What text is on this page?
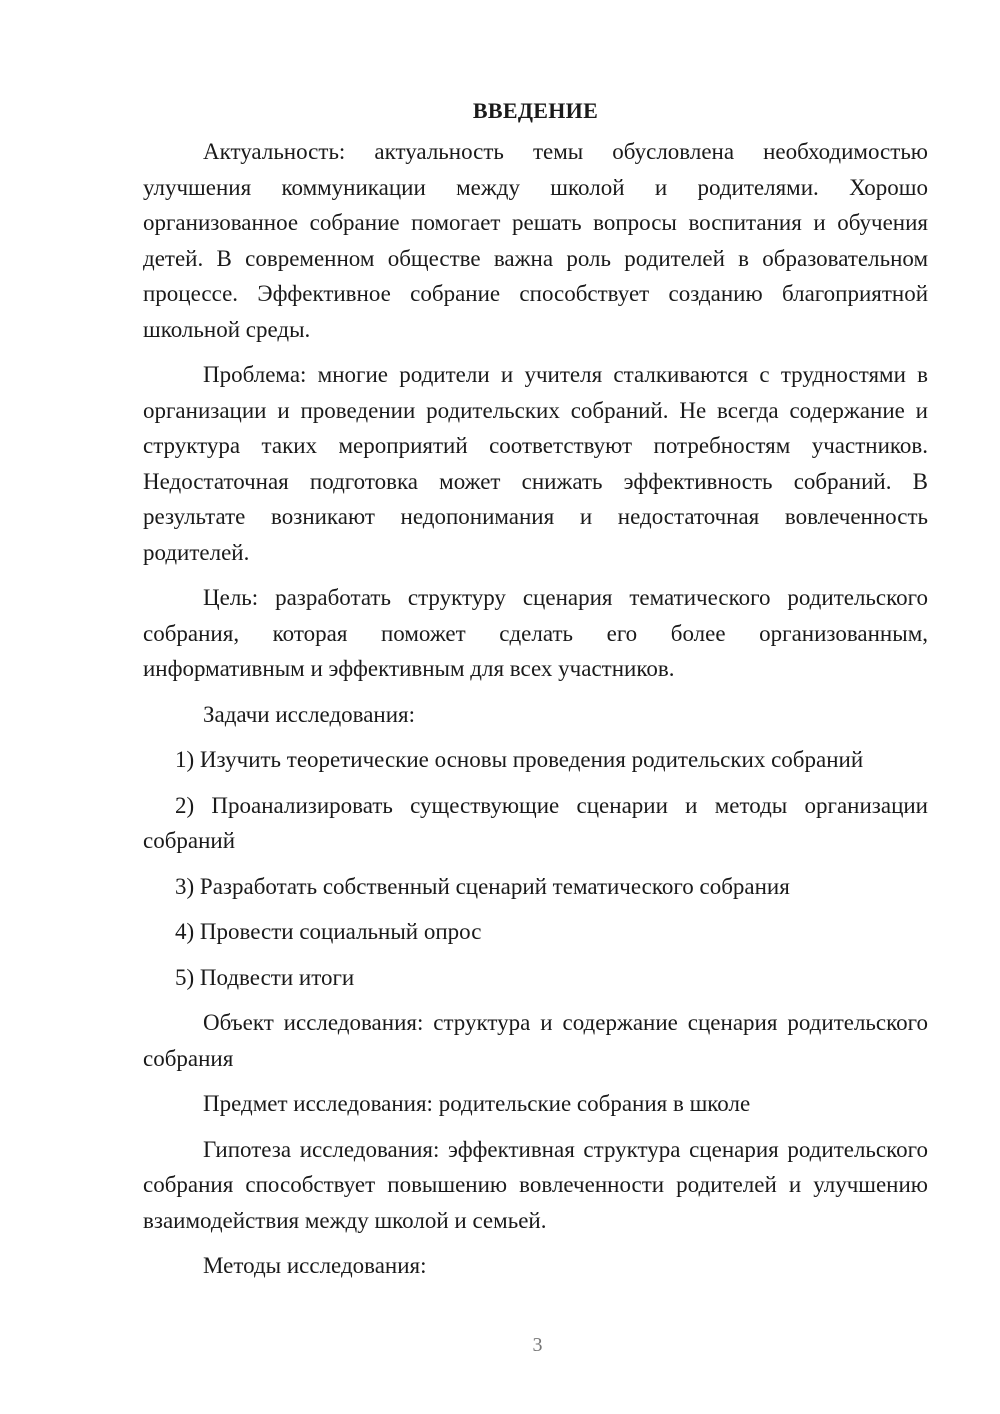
ВВЕДЕНИЕ

Актуальность: актуальность темы обусловлена необходимостью улучшения коммуникации между школой и родителями. Хорошо организованное собрание помогает решать вопросы воспитания и обучения детей. В современном обществе важна роль родителей в образовательном процессе. Эффективное собрание способствует созданию благоприятной школьной среды.

Проблема: многие родители и учителя сталкиваются с трудностями в организации и проведении родительских собраний. Не всегда содержание и структура таких мероприятий соответствуют потребностям участников. Недостаточная подготовка может снижать эффективность собраний. В результате возникают недопонимания и недостаточная вовлеченность родителей.

Цель: разработать структуру сценария тематического родительского собрания, которая поможет сделать его более организованным, информативным и эффективным для всех участников.

Задачи исследования:

1) Изучить теоретические основы проведения родительских собраний

2) Проанализировать существующие сценарии и методы организации собраний

3) Разработать собственный сценарий тематического собрания

4) Провести социальный опрос

5) Подвести итоги

Объект исследования: структура и содержание сценария родительского собрания

Предмет исследования: родительские собрания в школе

Гипотеза исследования: эффективная структура сценария родительского собрания способствует повышению вовлеченности родителей и улучшению взаимодействия между школой и семьей.

Методы исследования:

3
